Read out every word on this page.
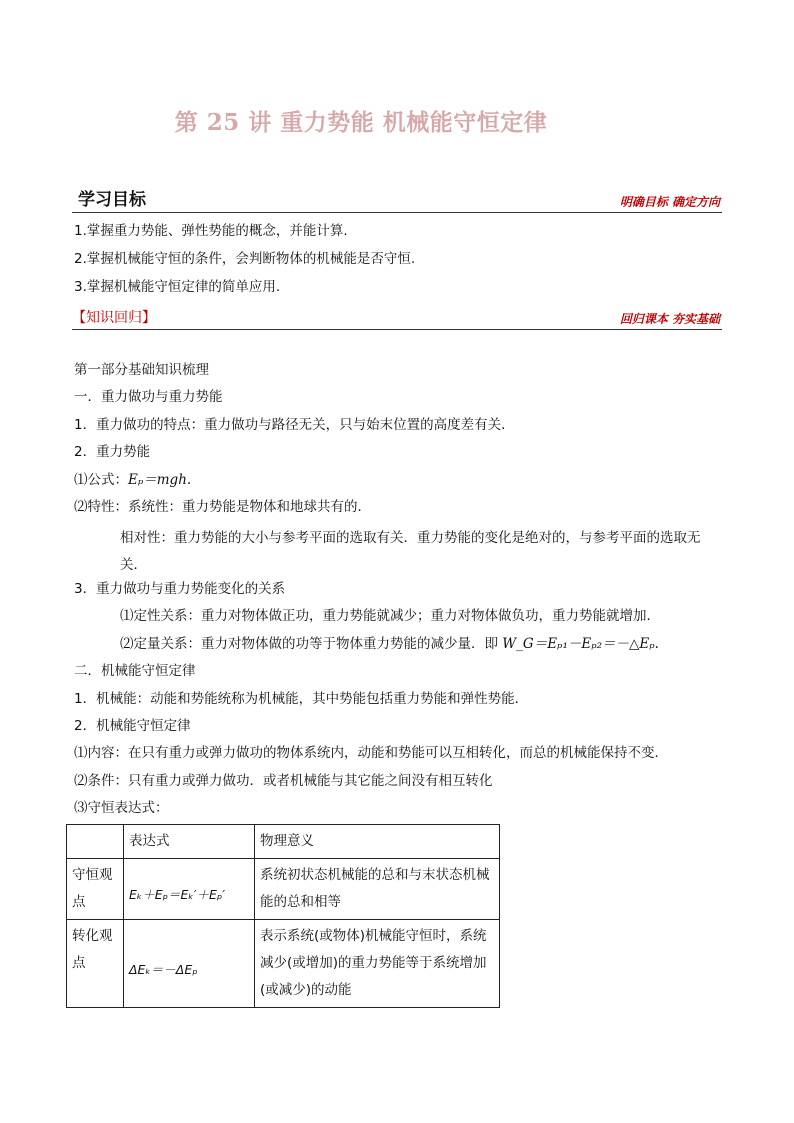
第 25 讲 重力势能 机械能守恒定律
学习目标	明确目标 确定方向
1.掌握重力势能、弹性势能的概念，并能计算.
2.掌握机械能守恒的条件，会判断物体的机械能是否守恒.
3.掌握机械能守恒定律的简单应用.
【知识回归】	回归课本 夯实基础
第一部分基础知识梳理
一．重力做功与重力势能
1．重力做功的特点：重力做功与路径无关，只与始末位置的高度差有关．
2．重力势能
⑴公式：Eₚ＝mgh.
⑵特性：系统性：重力势能是物体和地球共有的．
相对性：重力势能的大小与参考平面的选取有关．重力势能的变化是绝对的，与参考平面的选取无关．
3．重力做功与重力势能变化的关系
⑴定性关系：重力对物体做正功，重力势能就减少；重力对物体做负功，重力势能就增加．
⑵定量关系：重力对物体做的功等于物体重力势能的减少量．即 W_G＝Eₚ₁－Eₚ₂＝－△Eₚ.
二．机械能守恒定律
1．机械能：动能和势能统称为机械能，其中势能包括重力势能和弹性势能．
2．机械能守恒定律
⑴内容：在只有重力或弹力做功的物体系统内，动能和势能可以互相转化，而总的机械能保持不变．
⑵条件：只有重力或弹力做功．或者机械能与其它能之间没有相互转化
⑶守恒表达式：
	表达式	物理意义
守恒观点	Eₖ＋Eₚ＝Eₖ′＋Eₚ′	系统初状态机械能的总和与末状态机械能的总和相等
转化观点	ΔEₖ＝－ΔEₚ	表示系统(或物体)机械能守恒时，系统减少(或增加)的重力势能等于系统增加(或减少)的动能
